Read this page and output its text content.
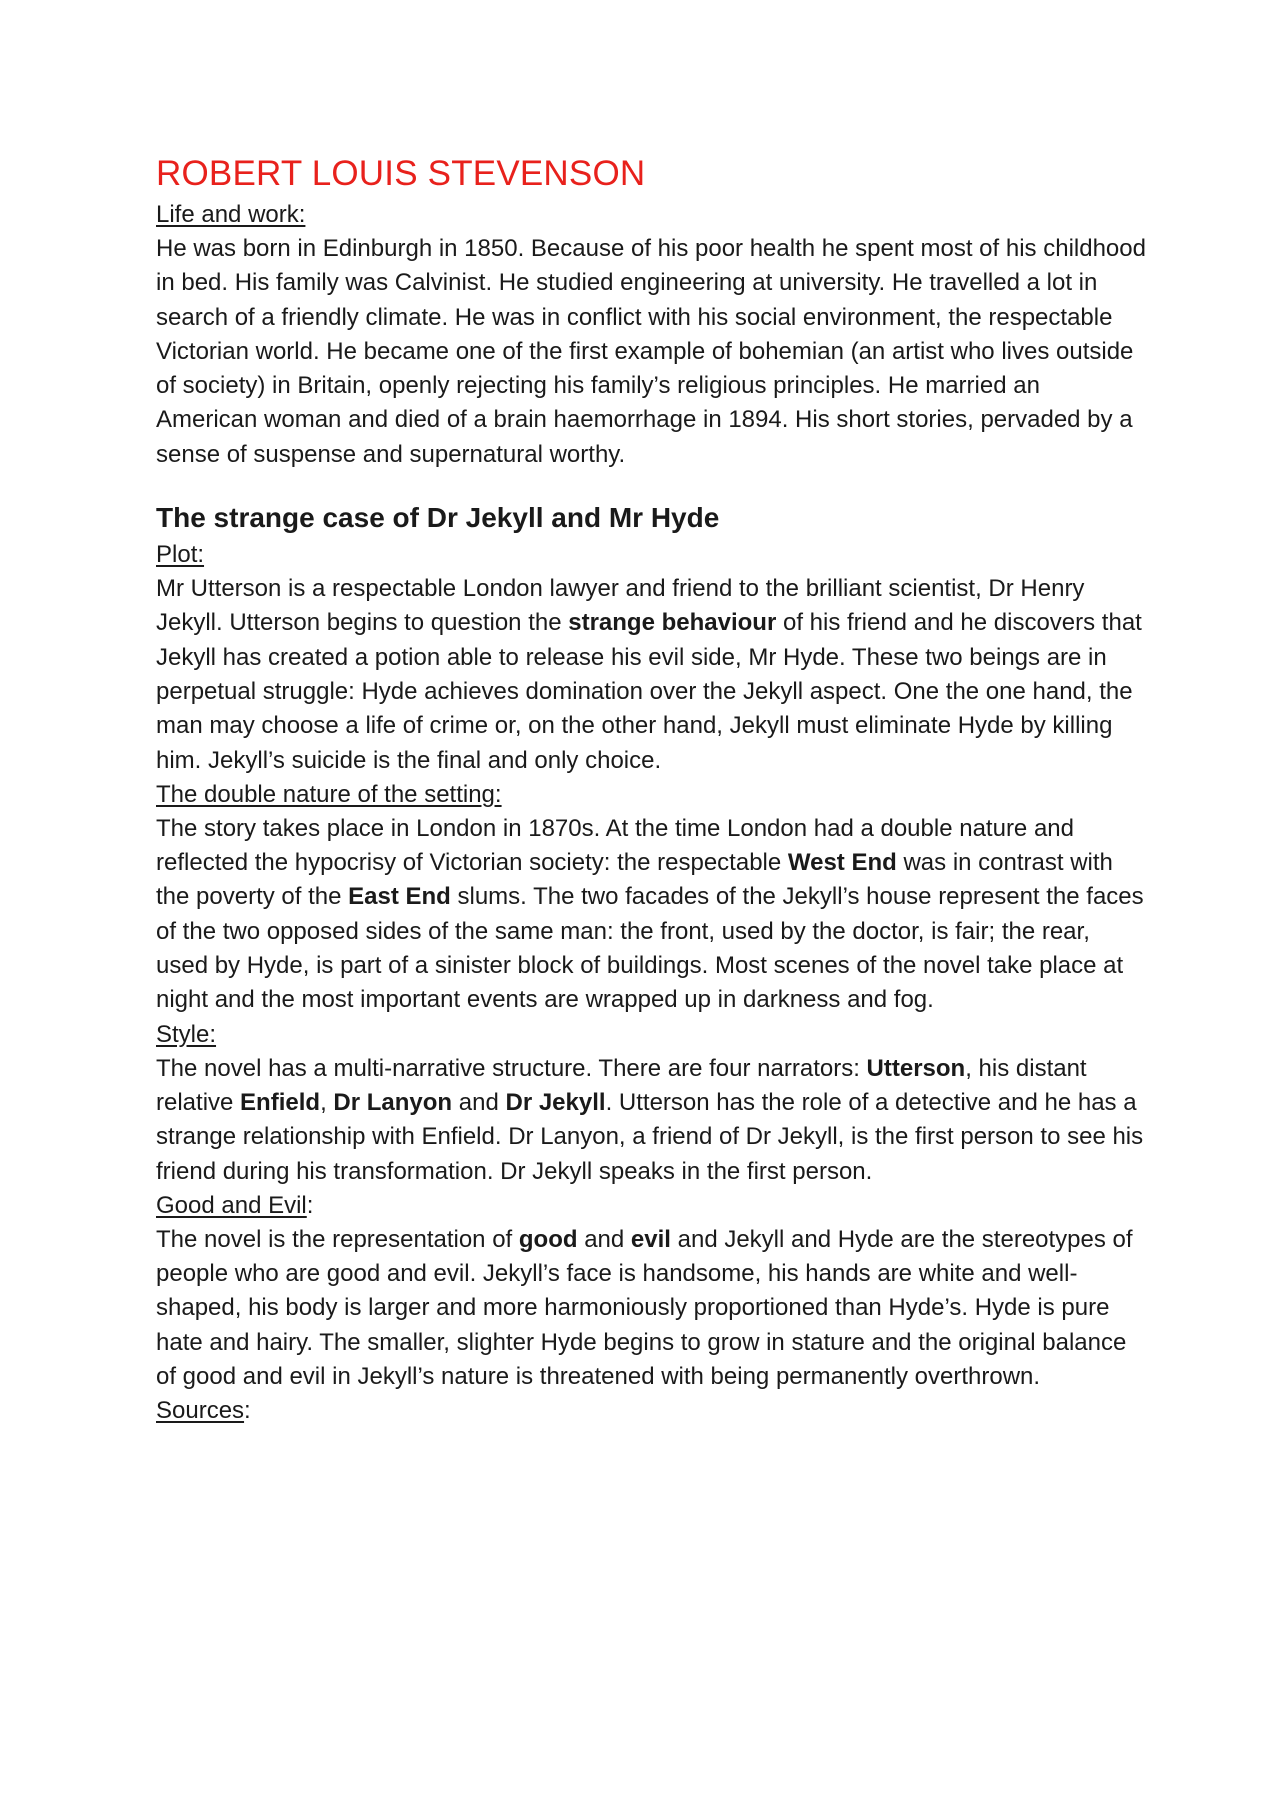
ROBERT LOUIS STEVENSON

Life and work:

He was born in Edinburgh in 1850. Because of his poor health he spent most of his childhood in bed. His family was Calvinist. He studied engineering at university. He travelled a lot in search of a friendly climate. He was in conflict with his social environment, the respectable Victorian world. He became one of the first example of bohemian (an artist who lives outside of society) in Britain, openly rejecting his family’s religious principles. He married an American woman and died of a brain haemorrhage in 1894. His short stories, pervaded by a sense of suspense and supernatural worthy.

The strange case of Dr Jekyll and Mr Hyde

Plot:

Mr Utterson is a respectable London lawyer and friend to the brilliant scientist, Dr Henry Jekyll. Utterson begins to question the strange behaviour of his friend and he discovers that Jekyll has created a potion able to release his evil side, Mr Hyde. These two beings are in perpetual struggle: Hyde achieves domination over the Jekyll aspect. One the one hand, the man may choose a life of crime or, on the other hand, Jekyll must eliminate Hyde by killing him. Jekyll’s suicide is the final and only choice.

The double nature of the setting:

The story takes place in London in 1870s. At the time London had a double nature and reflected the hypocrisy of Victorian society: the respectable West End was in contrast with the poverty of the East End slums. The two facades of the Jekyll’s house represent the faces of the two opposed sides of the same man: the front, used by the doctor, is fair; the rear, used by Hyde, is part of a sinister block of buildings. Most scenes of the novel take place at night and the most important events are wrapped up in darkness and fog.

Style:

The novel has a multi-narrative structure. There are four narrators: Utterson, his distant relative Enfield, Dr Lanyon and Dr Jekyll. Utterson has the role of a detective and he has a strange relationship with Enfield. Dr Lanyon, a friend of Dr Jekyll, is the first person to see his friend during his transformation. Dr Jekyll speaks in the first person.

Good and Evil:

The novel is the representation of good and evil and Jekyll and Hyde are the stereotypes of people who are good and evil. Jekyll’s face is handsome, his hands are white and well-shaped, his body is larger and more harmoniously proportioned than Hyde’s. Hyde is pure hate and hairy. The smaller, slighter Hyde begins to grow in stature and the original balance of good and evil in Jekyll’s nature is threatened with being permanently overthrown.

Sources:
